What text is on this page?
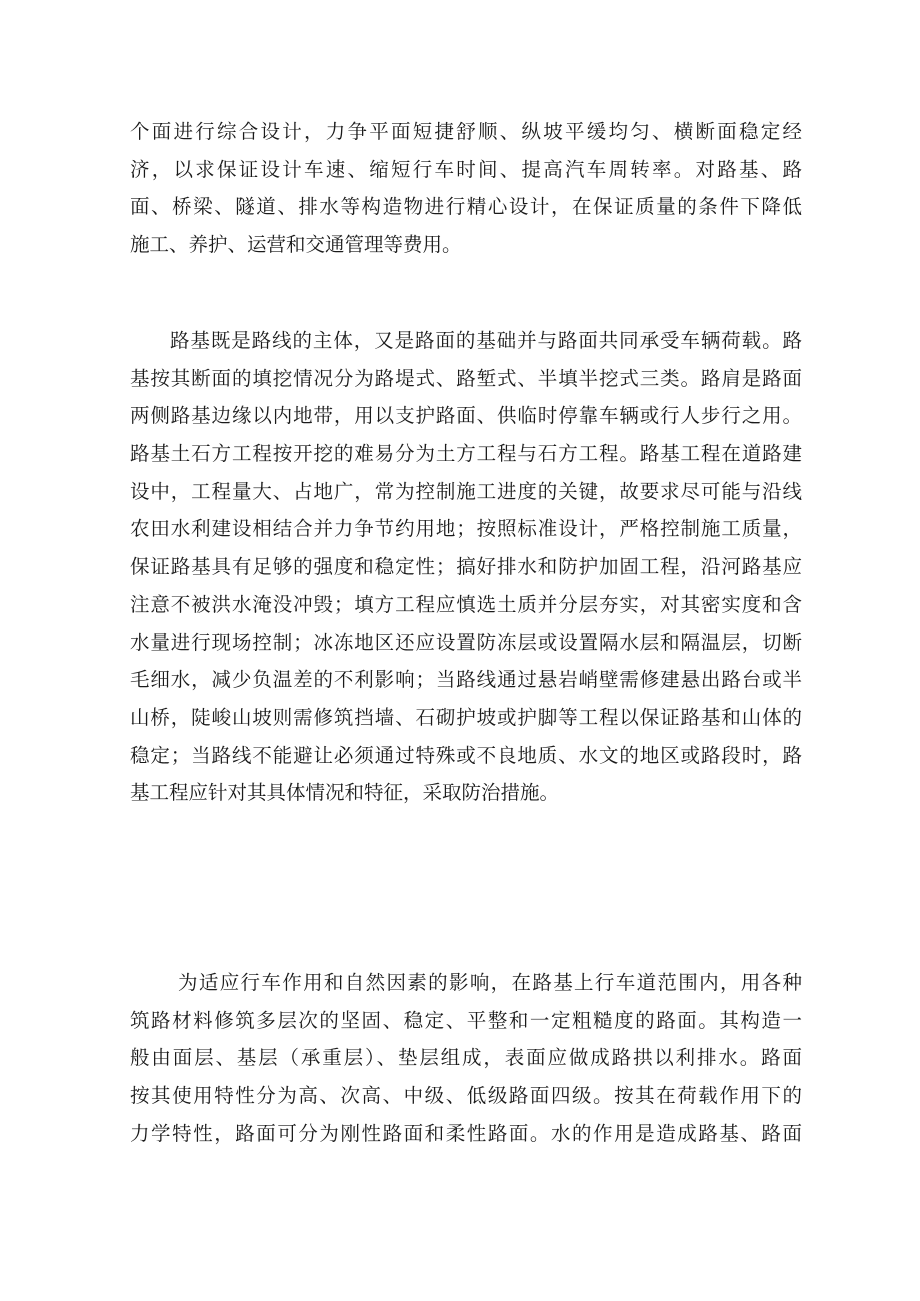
个面进行综合设计，力争平面短捷舒顺、纵坡平缓均匀、横断面稳定经
济，以求保证设计车速、缩短行车时间、提高汽车周转率。对路基、路
面、桥梁、隧道、排水等构造物进行精心设计，在保证质量的条件下降低
施工、养护、运营和交通管理等费用。
路基既是路线的主体，又是路面的基础并与路面共同承受车辆荷载。路
基按其断面的填挖情况分为路堤式、路堑式、半填半挖式三类。路肩是路面
两侧路基边缘以内地带，用以支护路面、供临时停靠车辆或行人步行之用。
路基土石方工程按开挖的难易分为土方工程与石方工程。路基工程在道路建
设中，工程量大、占地广，常为控制施工进度的关键，故要求尽可能与沿线
农田水利建设相结合并力争节约用地；按照标准设计，严格控制施工质量，
保证路基具有足够的强度和稳定性；搞好排水和防护加固工程，沿河路基应
注意不被洪水淹没冲毁；填方工程应慎选土质并分层夯实，对其密实度和含
水量进行现场控制；冰冻地区还应设置防冻层或设置隔水层和隔温层，切断
毛细水，减少负温差的不利影响；当路线通过悬岩峭壁需修建悬出路台或半
山桥，陡峻山坡则需修筑挡墙、石砌护坡或护脚等工程以保证路基和山体的
稳定；当路线不能避让必须通过特殊或不良地质、水文的地区或路段时，路
基工程应针对其具体情况和特征，采取防治措施。
为适应行车作用和自然因素的影响，在路基上行车道范围内，用各种
筑路材料修筑多层次的坚固、稳定、平整和一定粗糙度的路面。其构造一
般由面层、基层（承重层）、垫层组成，表面应做成路拱以利排水。路面
按其使用特性分为高、次高、中级、低级路面四级。按其在荷载作用下的
力学特性，路面可分为刚性路面和柔性路面。水的作用是造成路基、路面
